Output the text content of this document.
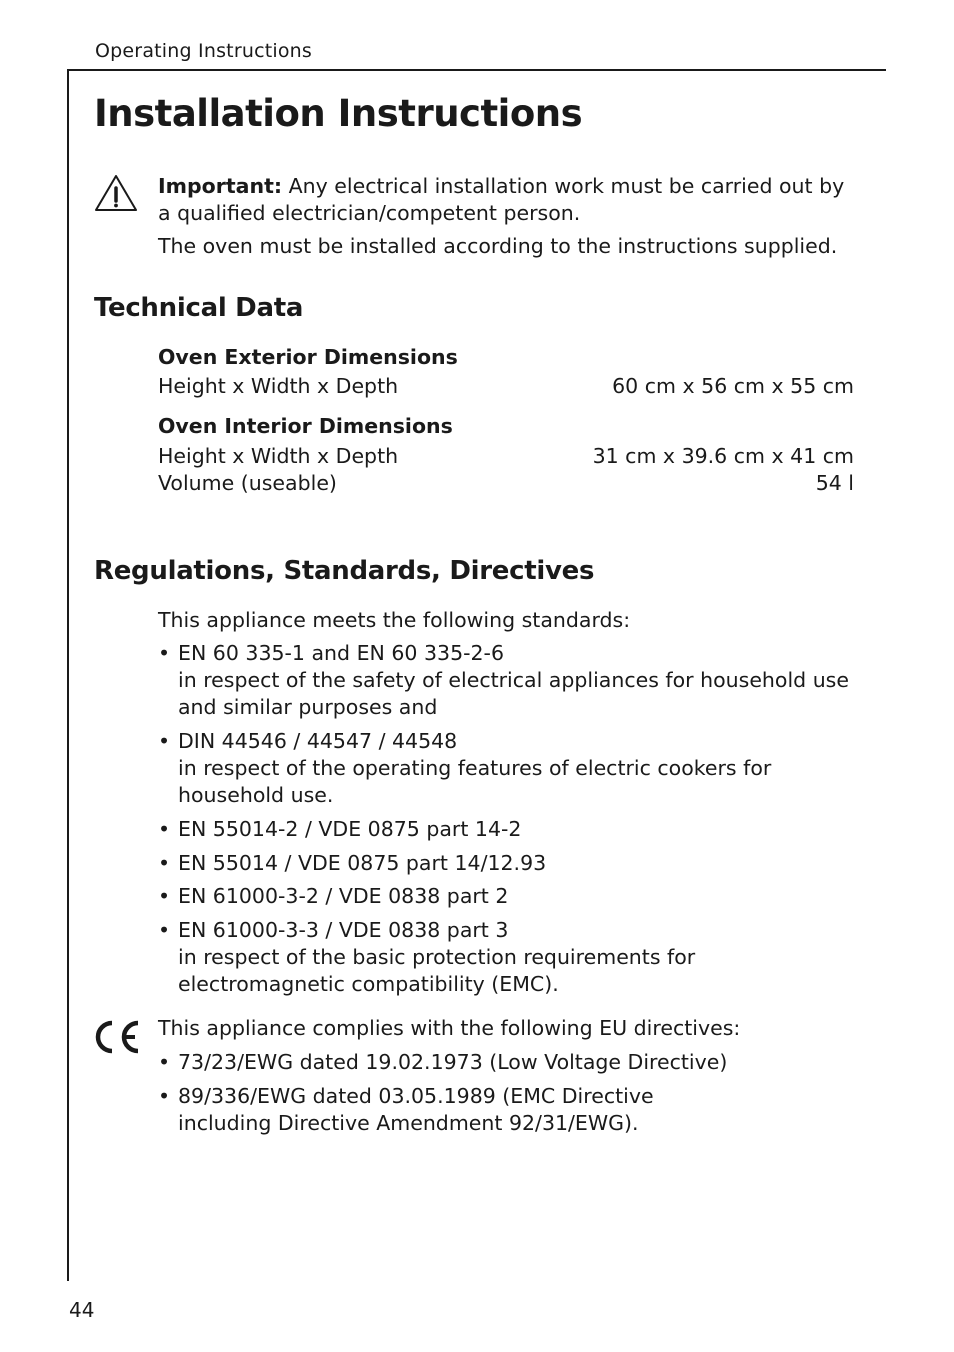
Operating Instructions
Installation Instructions
Important: Any electrical installation work must be carried out by a qualified electrician/competent person.
The oven must be installed according to the instructions supplied.
Technical Data
Oven Exterior Dimensions
Height x Width x Depth	60 cm x 56 cm x 55 cm
Oven Interior Dimensions
Height x Width x Depth	31 cm x 39.6 cm x 41 cm
Volume (useable)	54 l
Regulations, Standards, Directives
This appliance meets the following standards:
• EN 60 335-1 and EN 60 335-2-6
in respect of the safety of electrical appliances for household use and similar purposes and
• DIN 44546 / 44547 / 44548
in respect of the operating features of electric cookers for household use.
• EN 55014-2 / VDE 0875 part 14-2
• EN 55014 / VDE 0875 part 14/12.93
• EN 61000-3-2 / VDE 0838 part 2
• EN 61000-3-3 / VDE 0838 part 3
in respect of the basic protection requirements for electromagnetic compatibility (EMC).
This appliance complies with the following EU directives:
• 73/23/EWG dated 19.02.1973 (Low Voltage Directive)
• 89/336/EWG dated 03.05.1989 (EMC Directive including Directive Amendment 92/31/EWG).
44
